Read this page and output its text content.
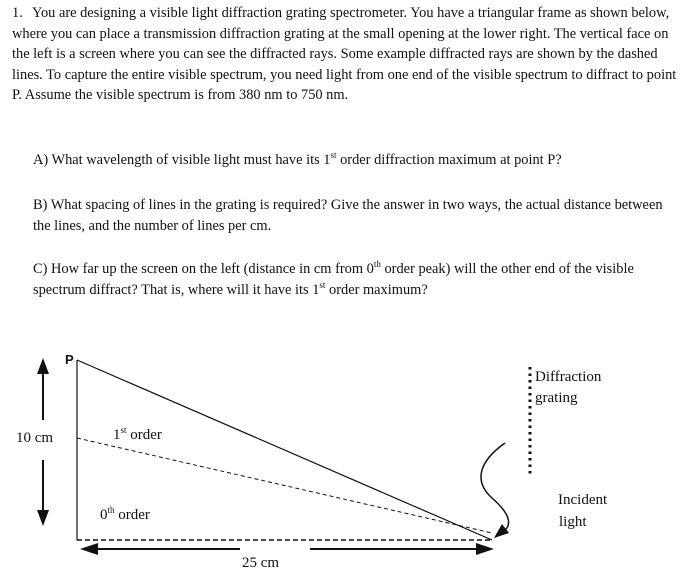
1. You are designing a visible light diffraction grating spectrometer. You have a triangular frame as shown below, where you can place a transmission diffraction grating at the small opening at the lower right. The vertical face on the left is a screen where you can see the diffracted rays. Some example diffracted rays are shown by the dashed lines. To capture the entire visible spectrum, you need light from one end of the visible spectrum to diffract to point P. Assume the visible spectrum is from 380 nm to 750 nm.

A) What wavelength of visible light must have its 1st order diffraction maximum at point P?

B) What spacing of lines in the grating is required? Give the answer in two ways, the actual distance between the lines, and the number of lines per cm.

C) How far up the screen on the left (distance in cm from 0th order peak) will the other end of the visible spectrum diffract? That is, where will it have its 1st order maximum?

P
10 cm
25 cm
1st order
0th order
Diffraction
grating
Incident
light
